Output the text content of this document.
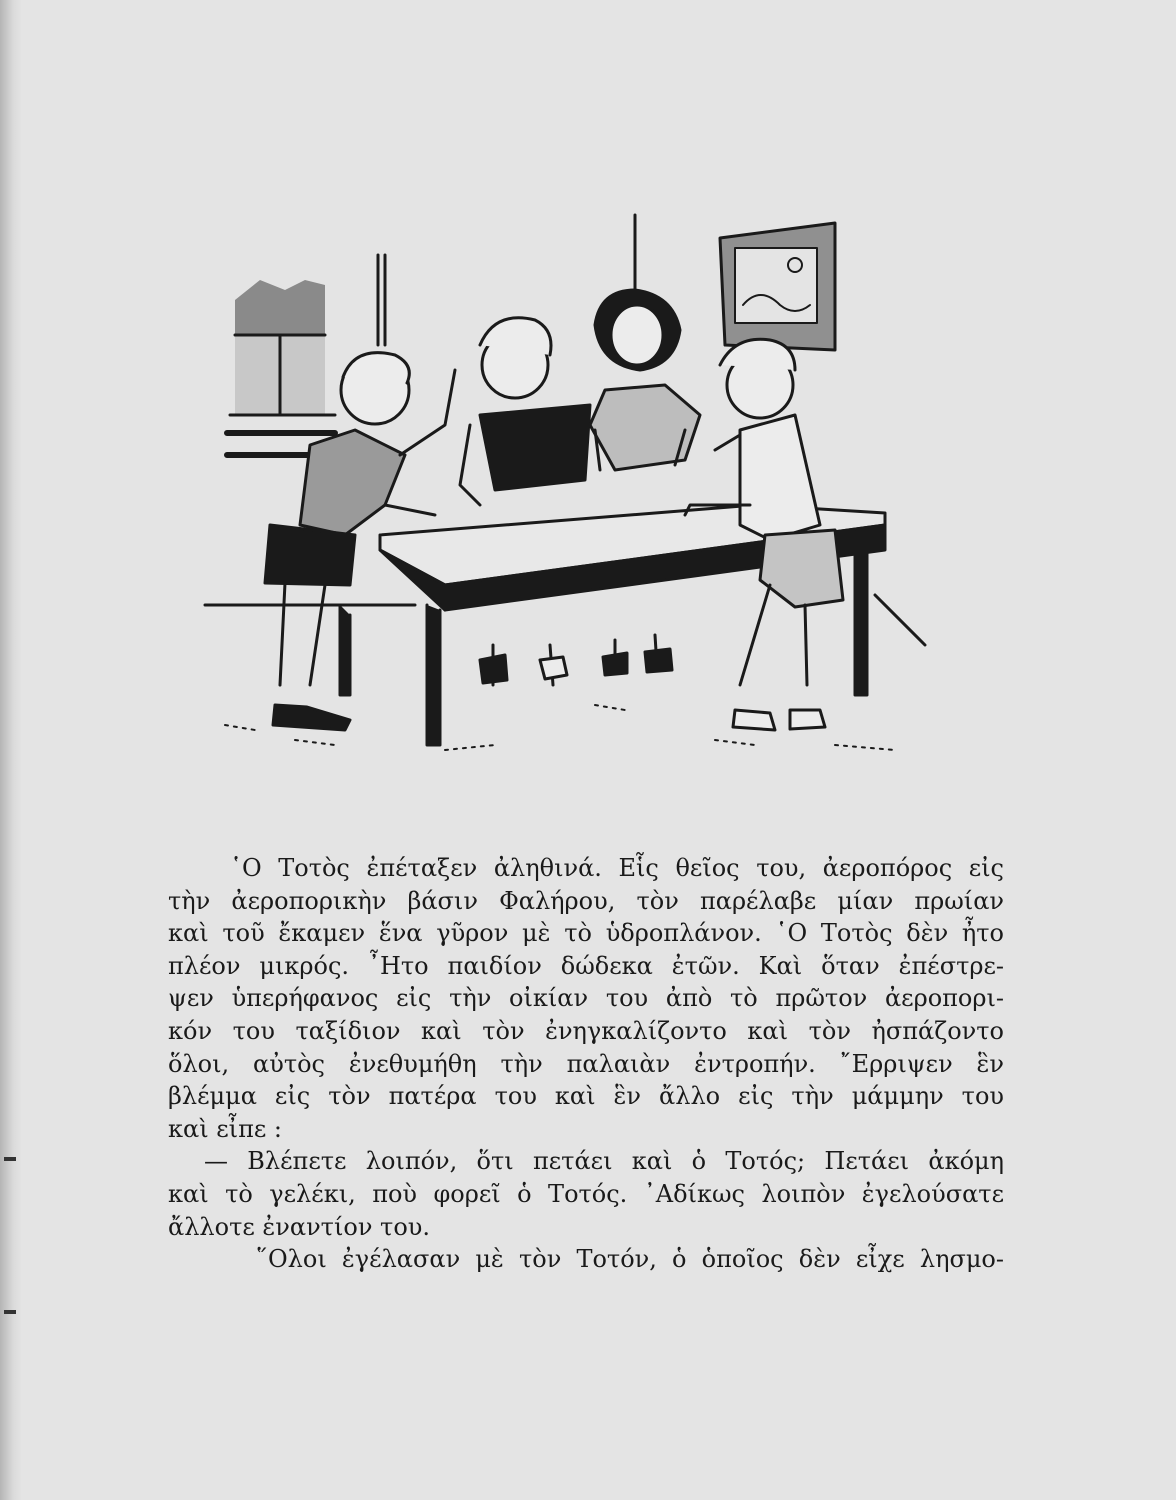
῾Ο Τοτὸς ἐπέταξεν ἀληθινά. Εἷς θεῖος του, ἀεροπόρος εἰς
τὴν ἀεροπορικὴν βάσιν Φαλήρου, τὸν παρέλαβε μίαν πρωίαν
καὶ τοῦ ἔκαμεν ἕνα γῦρον μὲ τὸ ὑδροπλάνον. ῾Ο Τοτὸς δὲν ἦτο
πλέον μικρός. ῏Ητο παιδίον δώδεκα ἐτῶν. Καὶ ὅταν ἐπέστρε-
ψεν ὑπερήφανος εἰς τὴν οἰκίαν του ἀπὸ τὸ πρῶτον ἀεροπορι-
κόν του ταξίδιον καὶ τὸν ἐνηγκαλίζοντο καὶ τὸν ἠσπάζοντο
ὅλοι, αὐτὸς ἐνεθυμήθη τὴν παλαιὰν ἐντροπήν. ῎Ερριψεν ἓν
βλέμμα εἰς τὸν πατέρα του καὶ ἓν ἄλλο εἰς τὴν μάμμην του
καὶ εἶπε :
— Βλέπετε λοιπόν, ὅτι πετάει καὶ ὁ Τοτός; Πετάει ἀκόμη
καὶ τὸ γελέκι, ποὺ φορεῖ ὁ Τοτός. ᾿Αδίκως λοιπὸν ἐγελούσατε
ἄλλοτε ἐναντίον του.
῞Ολοι ἐγέλασαν μὲ τὸν Τοτόν, ὁ ὁποῖος δὲν εἶχε λησμο-
